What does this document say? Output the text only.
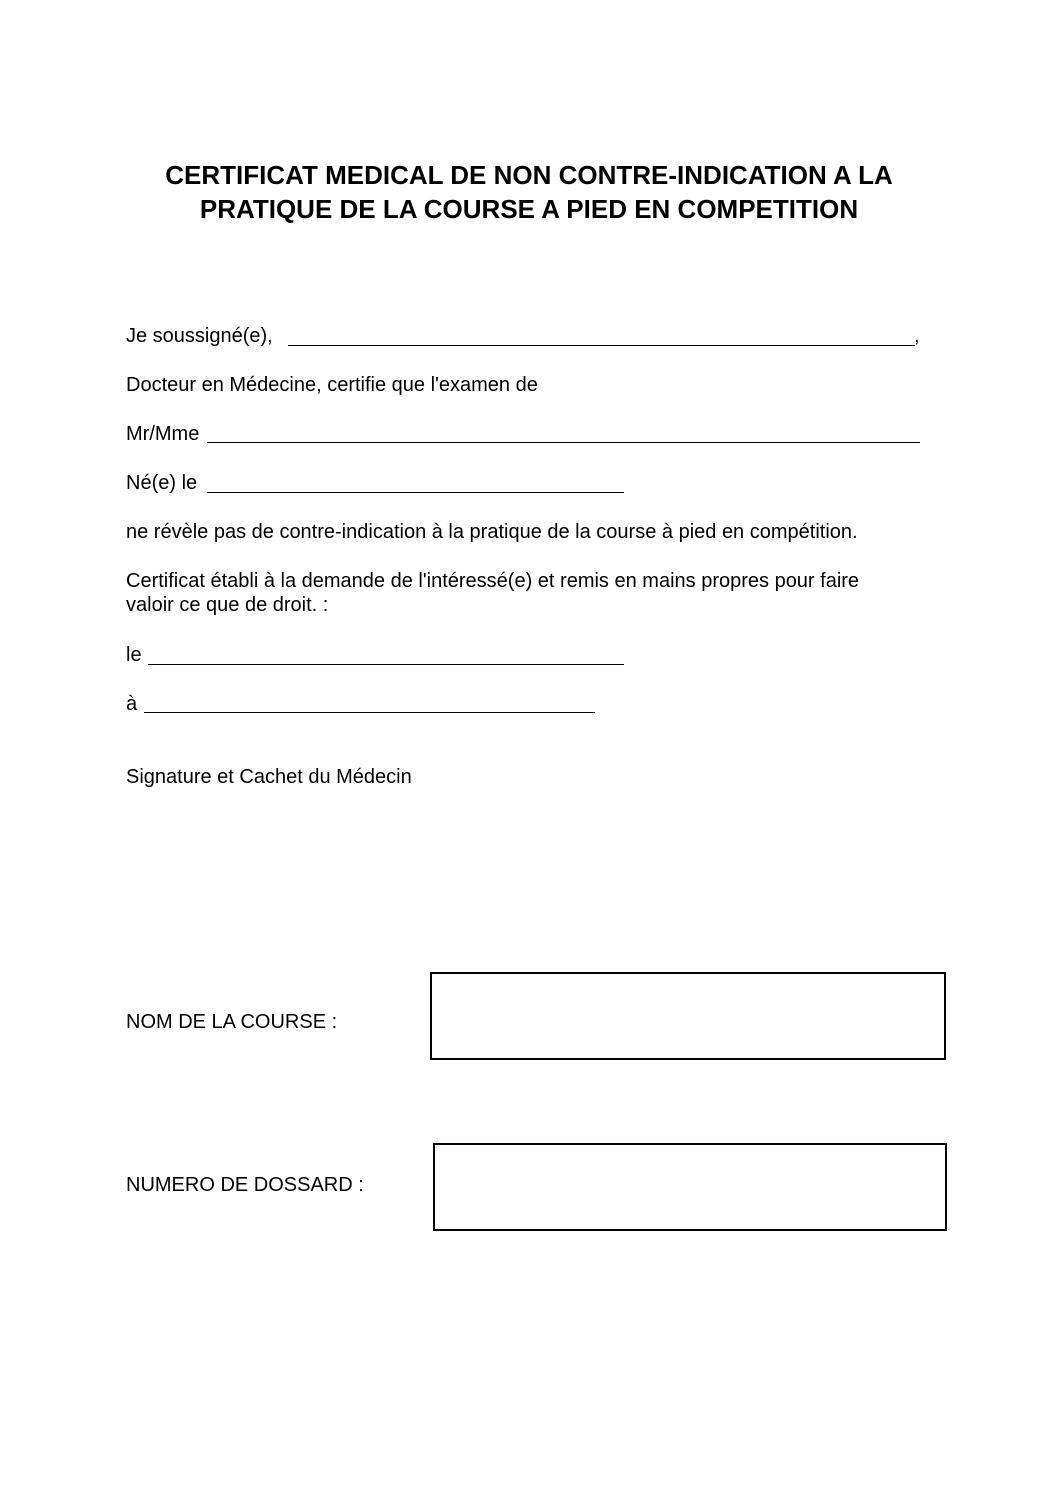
CERTIFICAT MEDICAL DE NON CONTRE-INDICATION A LA
PRATIQUE DE LA COURSE A PIED EN COMPETITION
Je soussigné(e),	,
Docteur en Médecine, certifie que l'examen de
Mr/Mme
Né(e) le
ne révèle pas de contre-indication à la pratique de la course à pied en compétition.
Certificat établi à la demande de l'intéressé(e) et remis en mains propres pour faire
valoir ce que de droit. :
le
à
Signature et Cachet du Médecin
NOM DE LA COURSE :
NUMERO DE DOSSARD :
